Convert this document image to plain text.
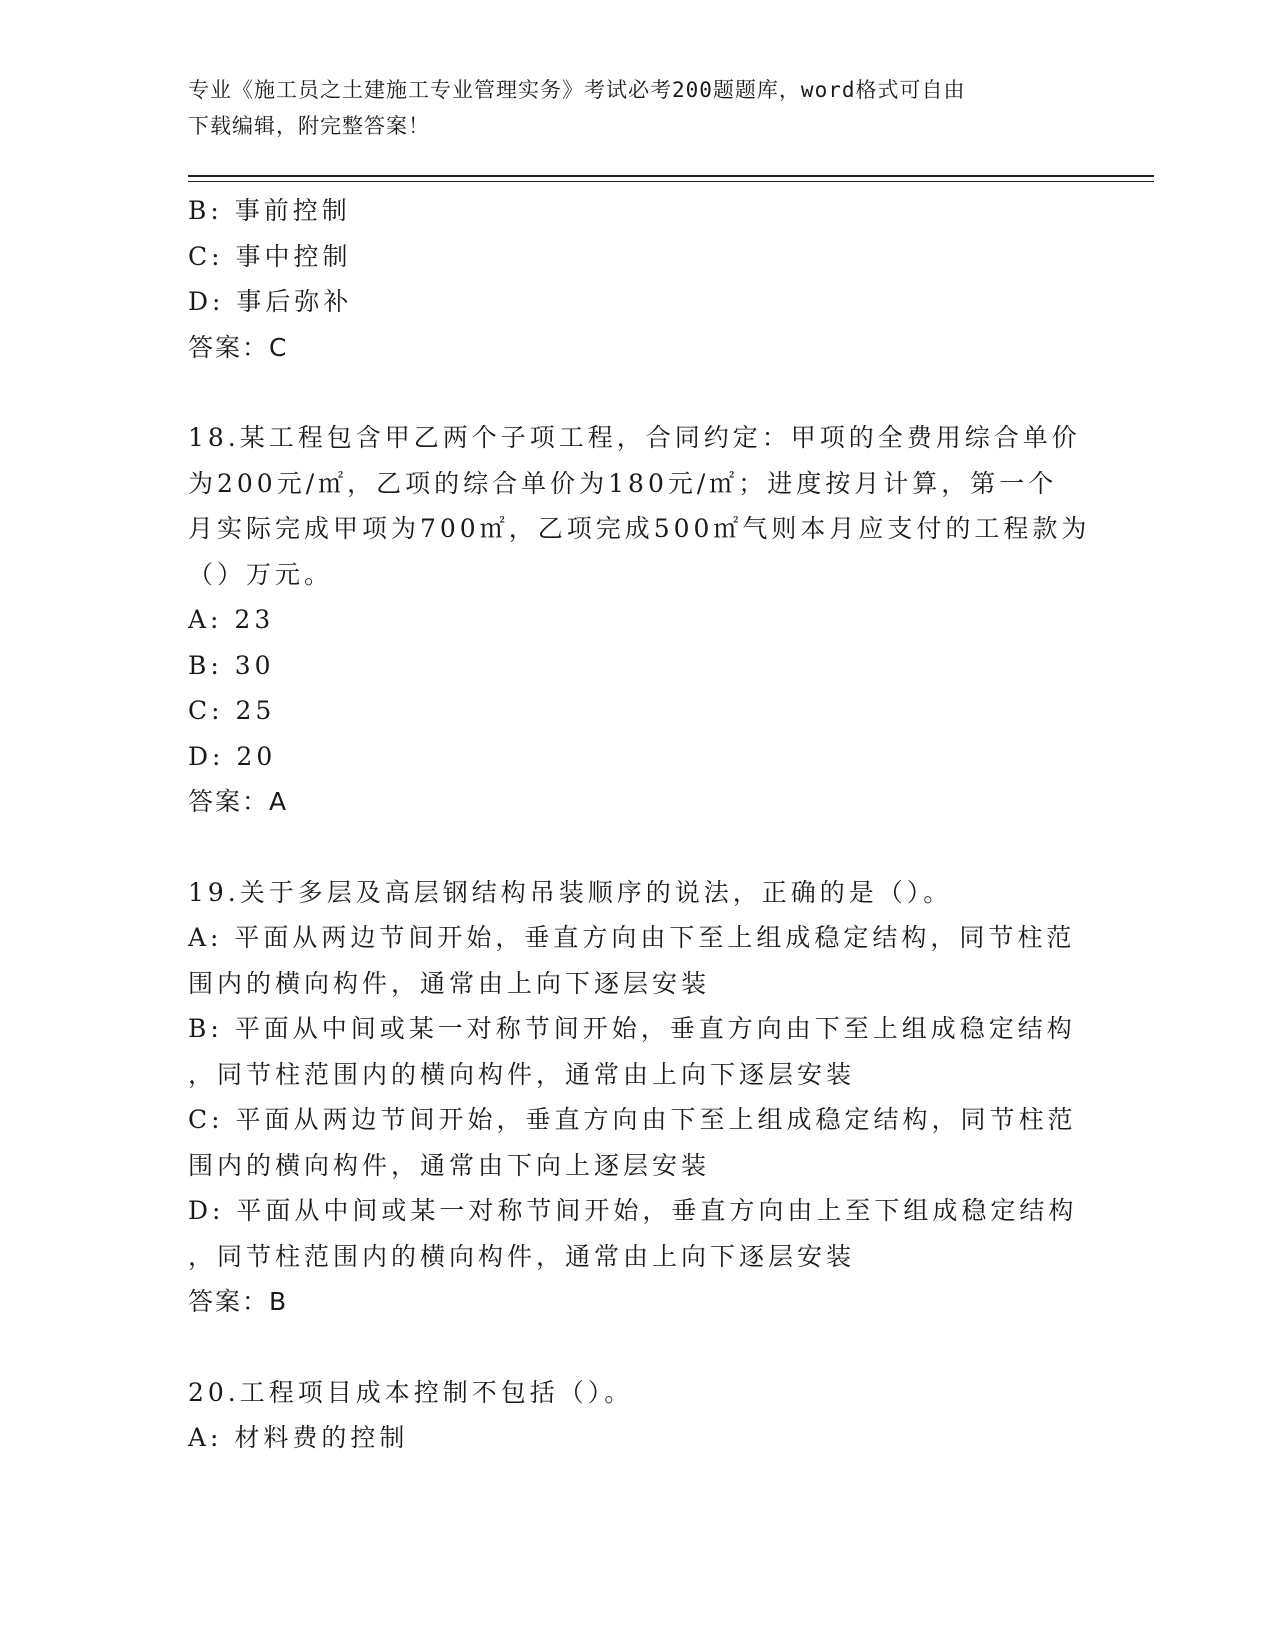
专业《施工员之土建施工专业管理实务》考试必考200题题库，word格式可自由
下载编辑，附完整答案！
B: 事前控制
C: 事中控制
D: 事后弥补
答案：C
18.某工程包含甲乙两个子项工程，合同约定：甲项的全费用综合单价
为200元/㎡，乙项的综合单价为180元/㎡；进度按月计算，第一个
月实际完成甲项为700㎡，乙项完成500㎡气则本月应支付的工程款为
（）万元。
A: 23
B: 30
C: 25
D: 20
答案：A
19.关于多层及高层钢结构吊装顺序的说法，正确的是（）。
A: 平面从两边节间开始，垂直方向由下至上组成稳定结构，同节柱范
围内的横向构件，通常由上向下逐层安装
B: 平面从中间或某一对称节间开始，垂直方向由下至上组成稳定结构
，同节柱范围内的横向构件，通常由上向下逐层安装
C: 平面从两边节间开始，垂直方向由下至上组成稳定结构，同节柱范
围内的横向构件，通常由下向上逐层安装
D: 平面从中间或某一对称节间开始，垂直方向由上至下组成稳定结构
，同节柱范围内的横向构件，通常由上向下逐层安装
答案：B
20.工程项目成本控制不包括（）。
A: 材料费的控制
